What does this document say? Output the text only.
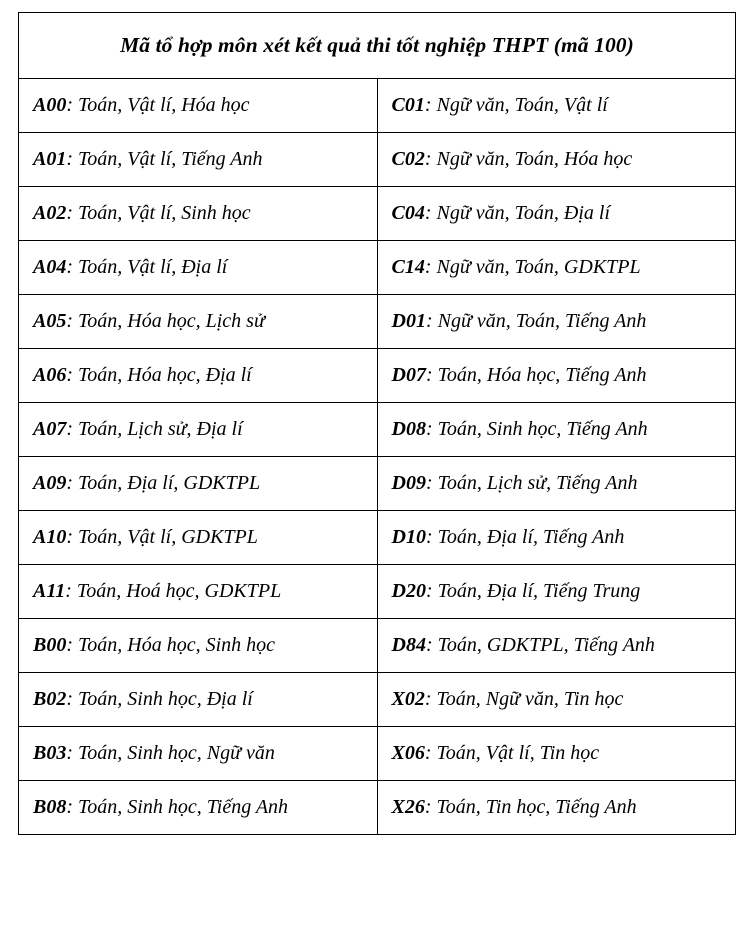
Mã tổ hợp môn xét kết quả thi tốt nghiệp THPT (mã 100)	
A00: Toán, Vật lí, Hóa học	C01: Ngữ văn, Toán, Vật lí
A01: Toán, Vật lí, Tiếng Anh	C02: Ngữ văn, Toán, Hóa học
A02: Toán, Vật lí, Sinh học	C04: Ngữ văn, Toán, Địa lí
A04: Toán, Vật lí, Địa lí	C14: Ngữ văn, Toán, GDKTPL
A05: Toán, Hóa học, Lịch sử	D01: Ngữ văn, Toán, Tiếng Anh
A06: Toán, Hóa học, Địa lí	D07: Toán, Hóa học, Tiếng Anh
A07: Toán, Lịch sử, Địa lí	D08: Toán, Sinh học, Tiếng Anh
A09: Toán, Địa lí, GDKTPL	D09: Toán, Lịch sử, Tiếng Anh
A10: Toán, Vật lí, GDKTPL	D10: Toán, Địa lí, Tiếng Anh
A11: Toán, Hoá học, GDKTPL	D20: Toán, Địa lí, Tiếng Trung
B00: Toán, Hóa học, Sinh học	D84: Toán, GDKTPL, Tiếng Anh
B02: Toán, Sinh học, Địa lí	X02: Toán, Ngữ văn, Tin học
B03: Toán, Sinh học, Ngữ văn	X06: Toán, Vật lí, Tin học
B08: Toán, Sinh học, Tiếng Anh	X26: Toán, Tin học, Tiếng Anh
